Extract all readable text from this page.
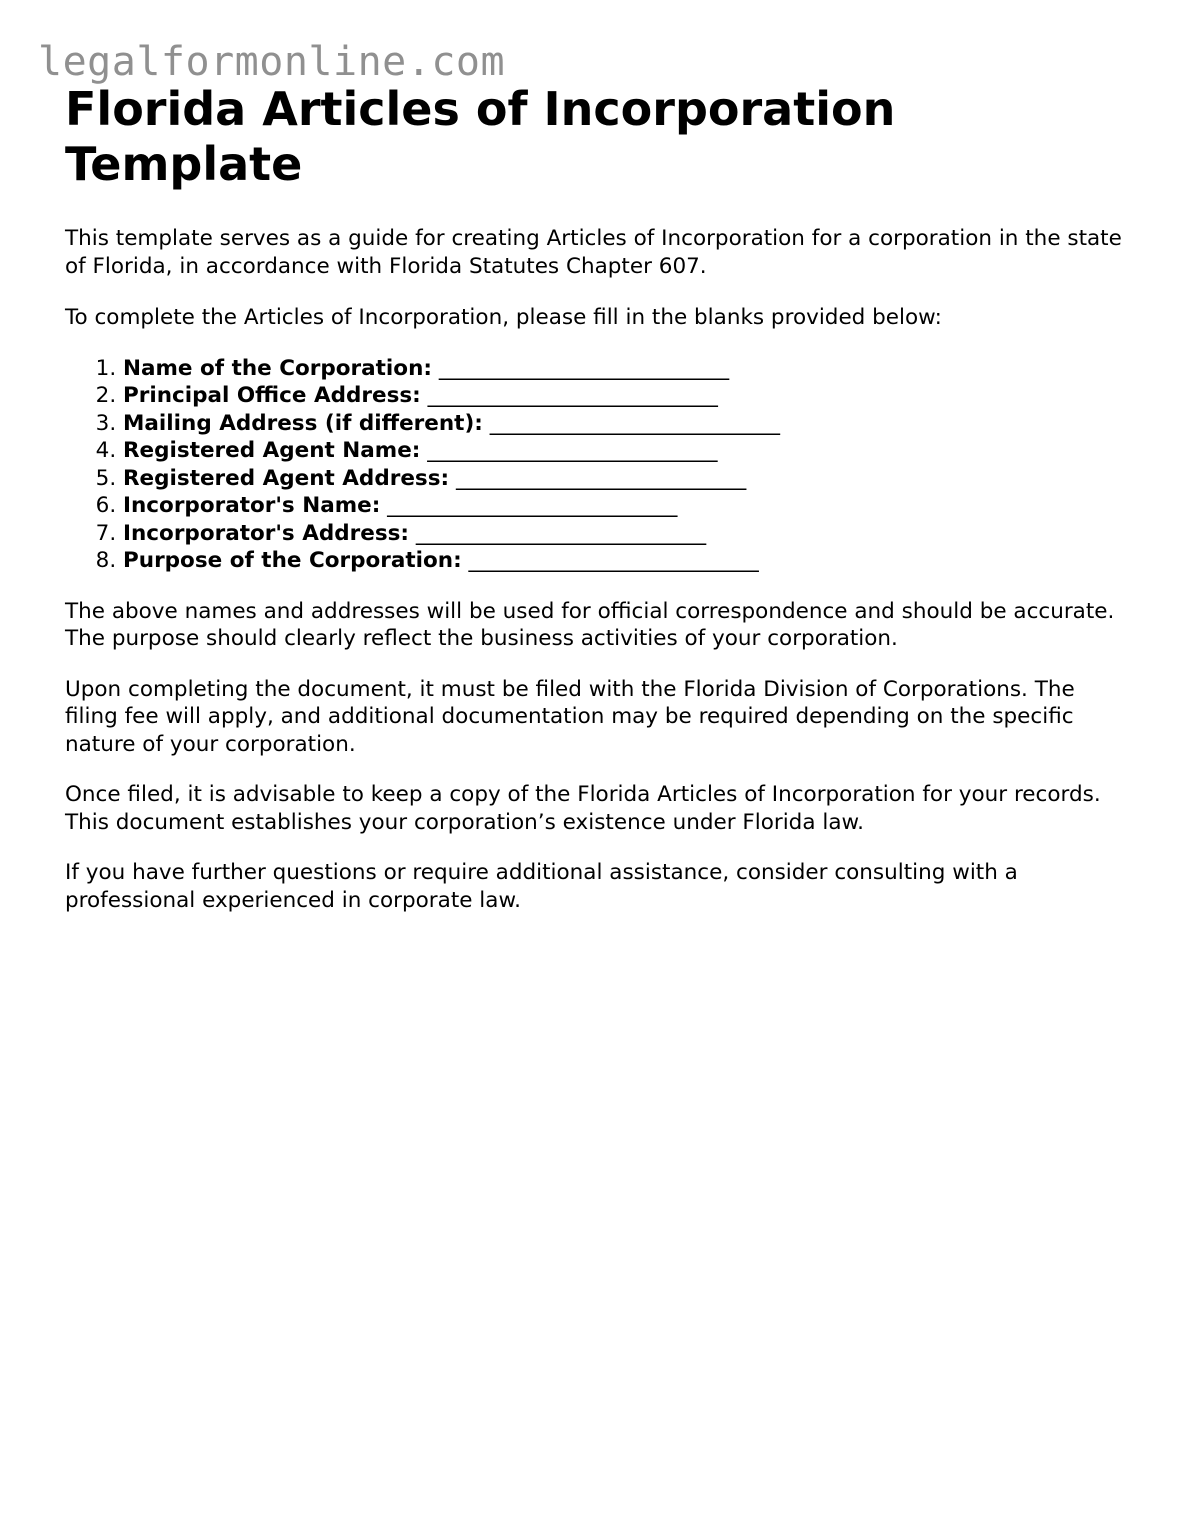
legalformonline.com
Florida Articles of Incorporation Template

This template serves as a guide for creating Articles of Incorporation for a corporation in the state of Florida, in accordance with Florida Statutes Chapter 607.

To complete the Articles of Incorporation, please fill in the blanks provided below:

1. Name of the Corporation: ___________________________
2. Principal Office Address: ___________________________
3. Mailing Address (if different): ___________________________
4. Registered Agent Name: ___________________________
5. Registered Agent Address: ___________________________
6. Incorporator's Name: ___________________________
7. Incorporator's Address: ___________________________
8. Purpose of the Corporation: ___________________________

The above names and addresses will be used for official correspondence and should be accurate. The purpose should clearly reflect the business activities of your corporation.

Upon completing the document, it must be filed with the Florida Division of Corporations. The filing fee will apply, and additional documentation may be required depending on the specific nature of your corporation.

Once filed, it is advisable to keep a copy of the Florida Articles of Incorporation for your records. This document establishes your corporation’s existence under Florida law.

If you have further questions or require additional assistance, consider consulting with a professional experienced in corporate law.
